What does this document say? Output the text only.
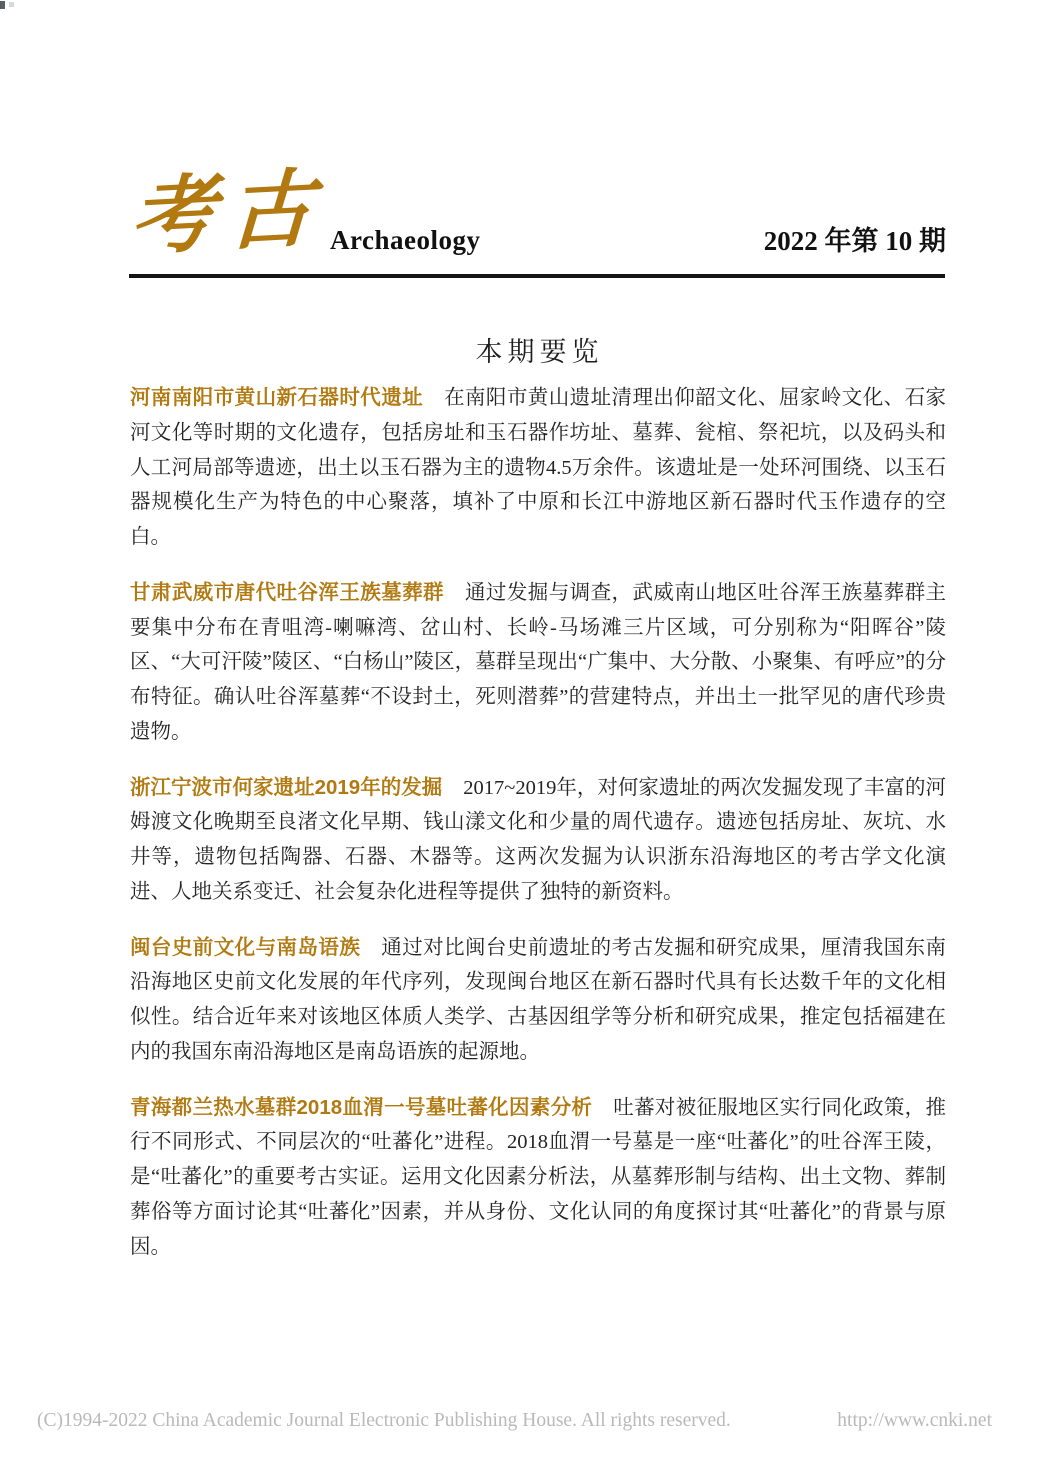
考古 Archaeology	2022 年第 10 期
本期要览

河南南阳市黄山新石器时代遗址 在南阳市黄山遗址清理出仰韶文化、屈家岭文化、石家河文化等时期的文化遗存，包括房址和玉石器作坊址、墓葬、瓮棺、祭祀坑，以及码头和人工河局部等遗迹，出土以玉石器为主的遗物4.5万余件。该遗址是一处环河围绕、以玉石器规模化生产为特色的中心聚落，填补了中原和长江中游地区新石器时代玉作遗存的空白。

甘肃武威市唐代吐谷浑王族墓葬群 通过发掘与调查，武威南山地区吐谷浑王族墓葬群主要集中分布在青咀湾-喇嘛湾、岔山村、长岭-马场滩三片区域，可分别称为“阳晖谷”陵区、“大可汗陵”陵区、“白杨山”陵区，墓群呈现出“广集中、大分散、小聚集、有呼应”的分布特征。确认吐谷浑墓葬“不设封土，死则潜葬”的营建特点，并出土一批罕见的唐代珍贵遗物。

浙江宁波市何家遗址2019年的发掘 2017~2019年，对何家遗址的两次发掘发现了丰富的河姆渡文化晚期至良渚文化早期、钱山漾文化和少量的周代遗存。遗迹包括房址、灰坑、水井等，遗物包括陶器、石器、木器等。这两次发掘为认识浙东沿海地区的考古学文化演进、人地关系变迁、社会复杂化进程等提供了独特的新资料。

闽台史前文化与南岛语族 通过对比闽台史前遗址的考古发掘和研究成果，厘清我国东南沿海地区史前文化发展的年代序列，发现闽台地区在新石器时代具有长达数千年的文化相似性。结合近年来对该地区体质人类学、古基因组学等分析和研究成果，推定包括福建在内的我国东南沿海地区是南岛语族的起源地。

青海都兰热水墓群2018血渭一号墓吐蕃化因素分析 吐蕃对被征服地区实行同化政策，推行不同形式、不同层次的“吐蕃化”进程。2018血渭一号墓是一座“吐蕃化”的吐谷浑王陵，是“吐蕃化”的重要考古实证。运用文化因素分析法，从墓葬形制与结构、出土文物、葬制葬俗等方面讨论其“吐蕃化”因素，并从身份、文化认同的角度探讨其“吐蕃化”的背景与原因。

(C)1994-2022 China Academic Journal Electronic Publishing House. All rights reserved.	http://www.cnki.net
